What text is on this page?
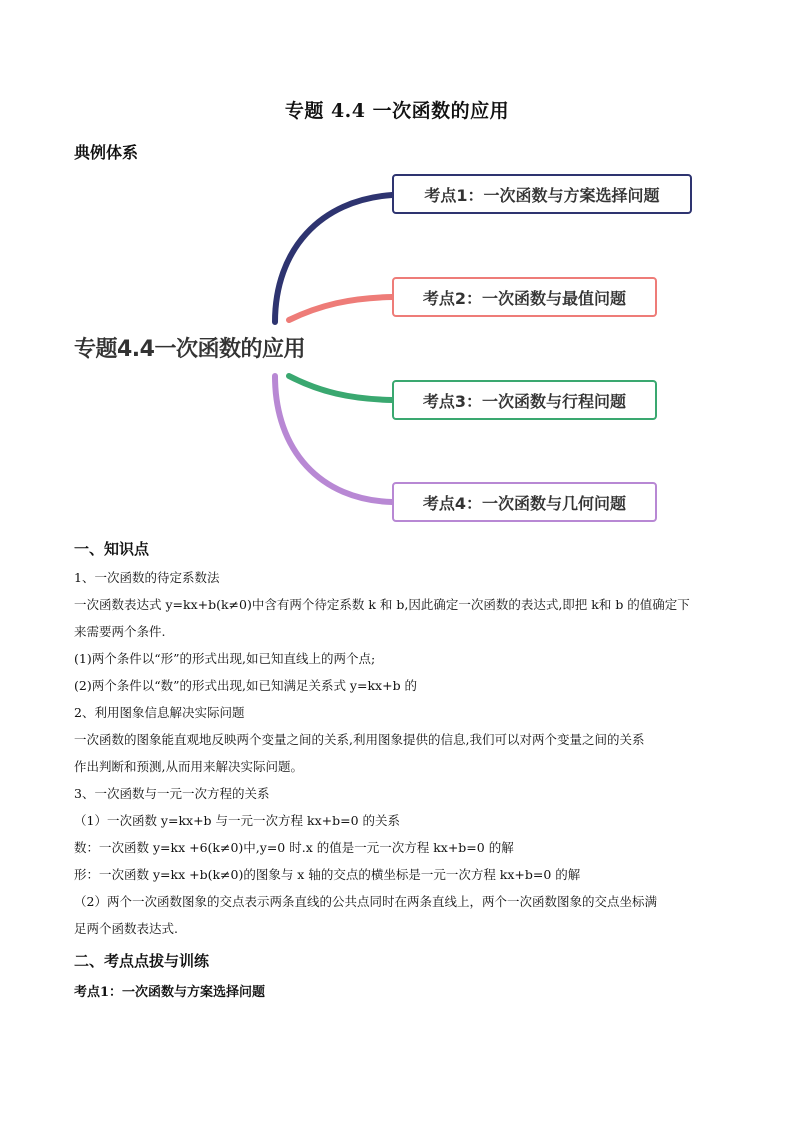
专题 4.4 一次函数的应用
典例体系
专题4.4一次函数的应用
考点1：一次函数与方案选择问题
考点2：一次函数与最值问题
考点3：一次函数与行程问题
考点4：一次函数与几何问题
一、知识点

1、一次函数的待定系数法

一次函数表达式 y=kx+b(k≠0)中含有两个待定系数 k 和 b,因此确定一次函数的表达式,即把 k和 b 的值确定下

来需要两个条件.

(1)两个条件以“形”的形式出现,如已知直线上的两个点;

(2)两个条件以“数”的形式出现,如已知满足关系式 y=kx+b 的

2、利用图象信息解决实际问题

一次函数的图象能直观地反映两个变量之间的关系,利用图象提供的信息,我们可以对两个变量之间的关系

作出判断和预测,从而用来解决实际问题。

3、一次函数与一元一次方程的关系

（1）一次函数 y=kx+b 与一元一次方程 kx+b=0 的关系

数：一次函数 y=kx +6(k≠0)中,y=0 时.x 的值是一元一次方程 kx+b=0 的解

形：一次函数 y=kx +b(k≠0)的图象与 x 轴的交点的横坐标是一元一次方程 kx+b=0 的解

（2）两个一次函数图象的交点表示两条直线的公共点同时在两条直线上，两个一次函数图象的交点坐标满

足两个函数表达式.

二、考点点拔与训练
考点1：一次函数与方案选择问题
